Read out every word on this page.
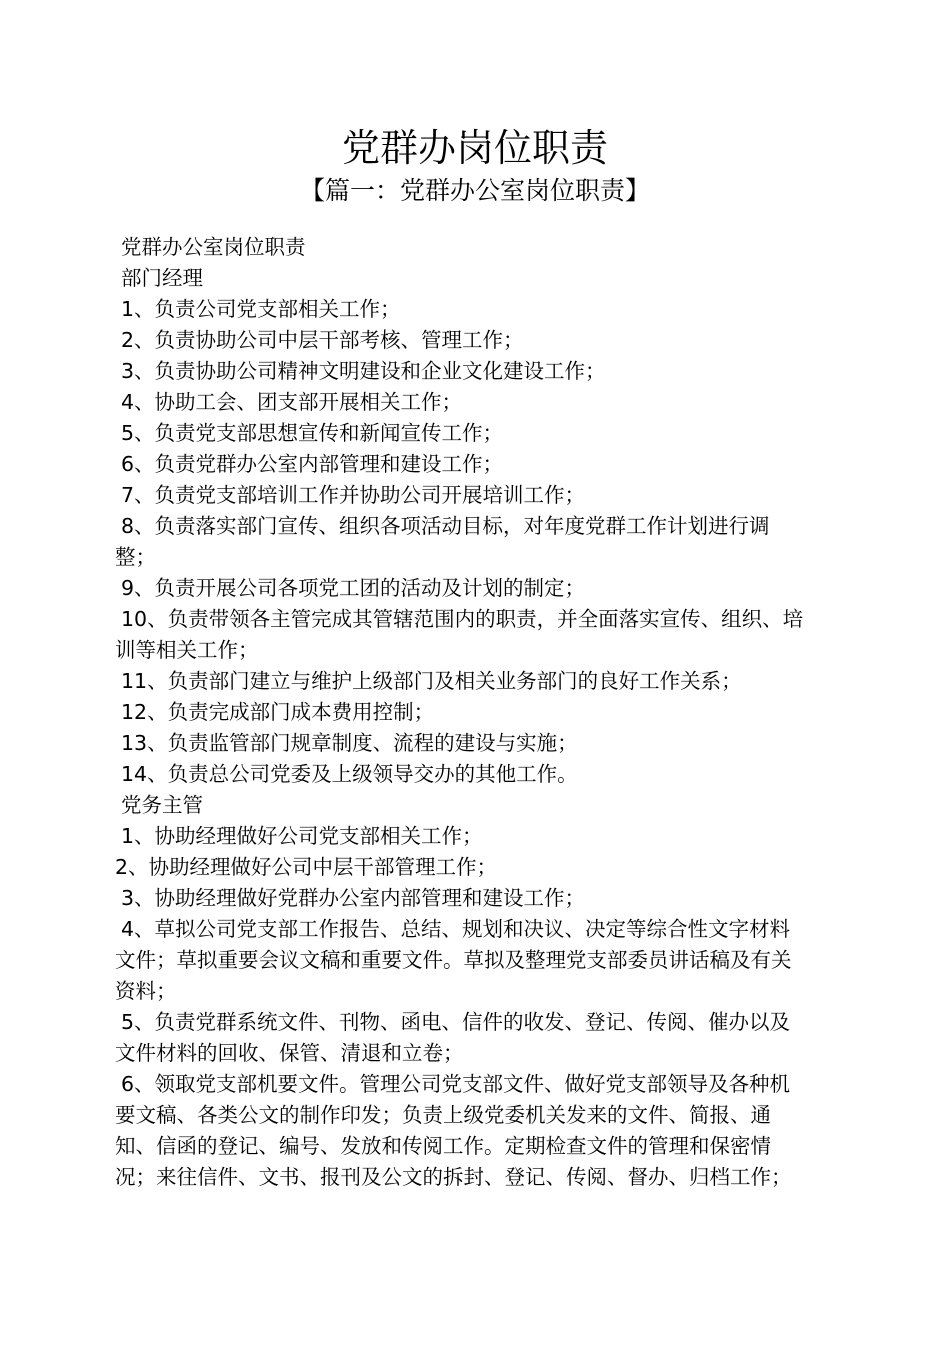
党群办岗位职责
【篇一：党群办公室岗位职责】

党群办公室岗位职责

部门经理

1、负责公司党支部相关工作；

2、负责协助公司中层干部考核、管理工作；

3、负责协助公司精神文明建设和企业文化建设工作；

4、协助工会、团支部开展相关工作；

5、负责党支部思想宣传和新闻宣传工作；

6、负责党群办公室内部管理和建设工作；

7、负责党支部培训工作并协助公司开展培训工作；

8、负责落实部门宣传、组织各项活动目标，对年度党群工作计划进行调整；

9、负责开展公司各项党工团的活动及计划的制定；

10、负责带领各主管完成其管辖范围内的职责，并全面落实宣传、组织、培训等相关工作；

11、负责部门建立与维护上级部门及相关业务部门的良好工作关系；

12、负责完成部门成本费用控制；

13、负责监管部门规章制度、流程的建设与实施；

14、负责总公司党委及上级领导交办的其他工作。

党务主管

1、协助经理做好公司党支部相关工作；

2、协助经理做好公司中层干部管理工作；

3、协助经理做好党群办公室内部管理和建设工作；

4、草拟公司党支部工作报告、总结、规划和决议、决定等综合性文字材料文件；草拟重要会议文稿和重要文件。草拟及整理党支部委员讲话稿及有关资料；

5、负责党群系统文件、刊物、函电、信件的收发、登记、传阅、催办以及文件材料的回收、保管、清退和立卷；

6、领取党支部机要文件。管理公司党支部文件、做好党支部领导及各种机要文稿、各类公文的制作印发；负责上级党委机关发来的文件、简报、通知、信函的登记、编号、发放和传阅工作。定期检查文件的管理和保密情况；来往信件、文书、报刊及公文的拆封、登记、传阅、督办、归档工作；
